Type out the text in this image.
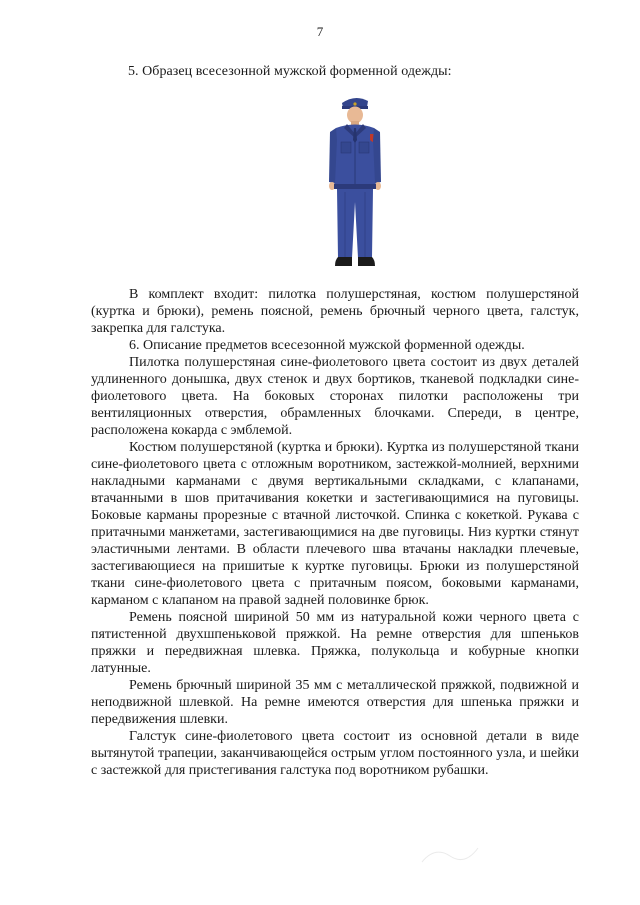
7
5. Образец всесезонной мужской форменной одежды:

В комплект входит: пилотка полушерстяная, костюм полушерстяной (куртка и брюки), ремень поясной, ремень брючный черного цвета, галстук, закрепка для галстука.

6. Описание предметов всесезонной мужской форменной одежды.

Пилотка полушерстяная сине-фиолетового цвета состоит из двух деталей удлиненного донышка, двух стенок и двух бортиков, тканевой подкладки сине-фиолетового цвета. На боковых сторонах пилотки расположены три вентиляционных отверстия, обрамленных блочками. Спереди, в центре, расположена кокарда с эмблемой.

Костюм полушерстяной (куртка и брюки). Куртка из полушерстяной ткани сине-фиолетового цвета с отложным воротником, застежкой-молнией, верхними накладными карманами с двумя вертикальными складками, с клапанами, втачанными в шов притачивания кокетки и застегивающимися на пуговицы. Боковые карманы прорезные с втачной листочкой. Спинка с кокеткой. Рукава с притачными манжетами, застегивающимися на две пуговицы. Низ куртки стянут эластичными лентами. В области плечевого шва втачаны накладки плечевые, застегивающиеся на пришитые к куртке пуговицы. Брюки из полушерстяной ткани сине-фиолетового цвета с притачным поясом, боковыми карманами, карманом с клапаном на правой задней половинке брюк.

Ремень поясной шириной 50 мм из натуральной кожи черного цвета с пятистенной двухшпеньковой пряжкой. На ремне отверстия для шпеньков пряжки и передвижная шлевка. Пряжка, полукольца и кобурные кнопки латунные.

Ремень брючный шириной 35 мм с металлической пряжкой, подвижной и неподвижной шлевкой. На ремне имеются отверстия для шпенька пряжки и передвижения шлевки.

Галстук сине-фиолетового цвета состоит из основной детали в виде вытянутой трапеции, заканчивающейся острым углом постоянного узла, и шейки с застежкой для пристегивания галстука под воротником рубашки.
